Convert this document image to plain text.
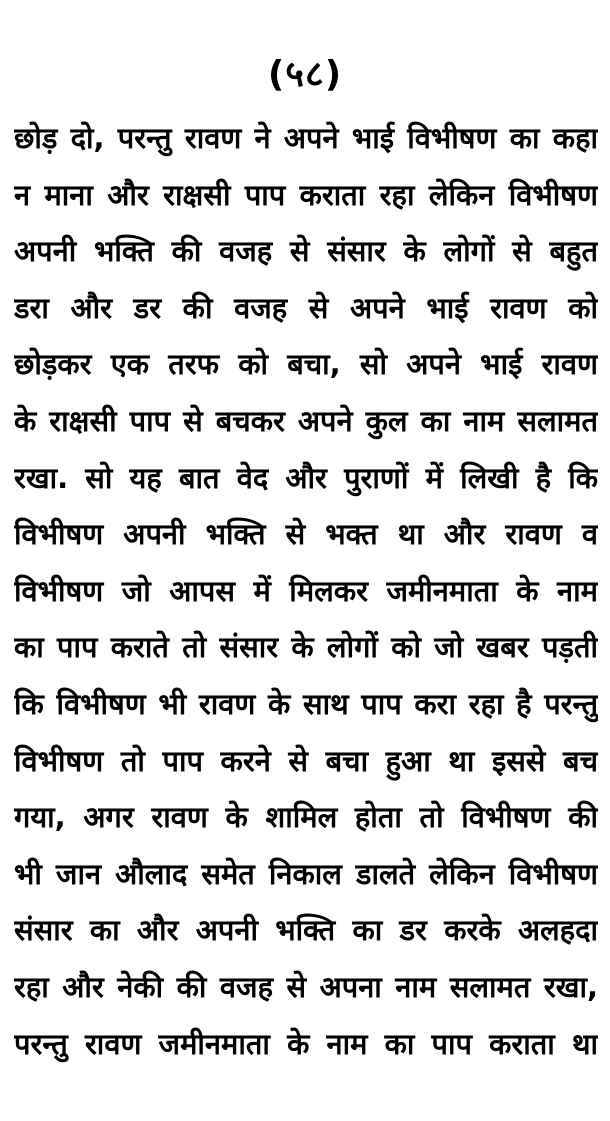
(५८)
छोड़ दो, परन्तु रावण ने अपने भाई विभीषण का कहा
न माना और राक्षसी पाप कराता रहा लेकिन विभीषण
अपनी भक्ति की वजह से संसार के लोगों से बहुत
डरा और डर की वजह से अपने भाई रावण को
छोड़कर एक तरफ को बचा, सो अपने भाई रावण
के राक्षसी पाप से बचकर अपने कुल का नाम सलामत
रखा. सो यह बात वेद और पुराणों में लिखी है कि
विभीषण अपनी भक्ति से भक्त था और रावण व
विभीषण जो आपस में मिलकर जमीनमाता के नाम
का पाप कराते तो संसार के लोगों को जो खबर पड़ती
कि विभीषण भी रावण के साथ पाप करा रहा है परन्तु
विभीषण तो पाप करने से बचा हुआ था इससे बच
गया, अगर रावण के शामिल होता तो विभीषण की
भी जान औलाद समेत निकाल डालते लेकिन विभीषण
संसार का और अपनी भक्ति का डर करके अलहदा
रहा और नेकी की वजह से अपना नाम सलामत रखा,
परन्तु रावण जमीनमाता के नाम का पाप कराता था
